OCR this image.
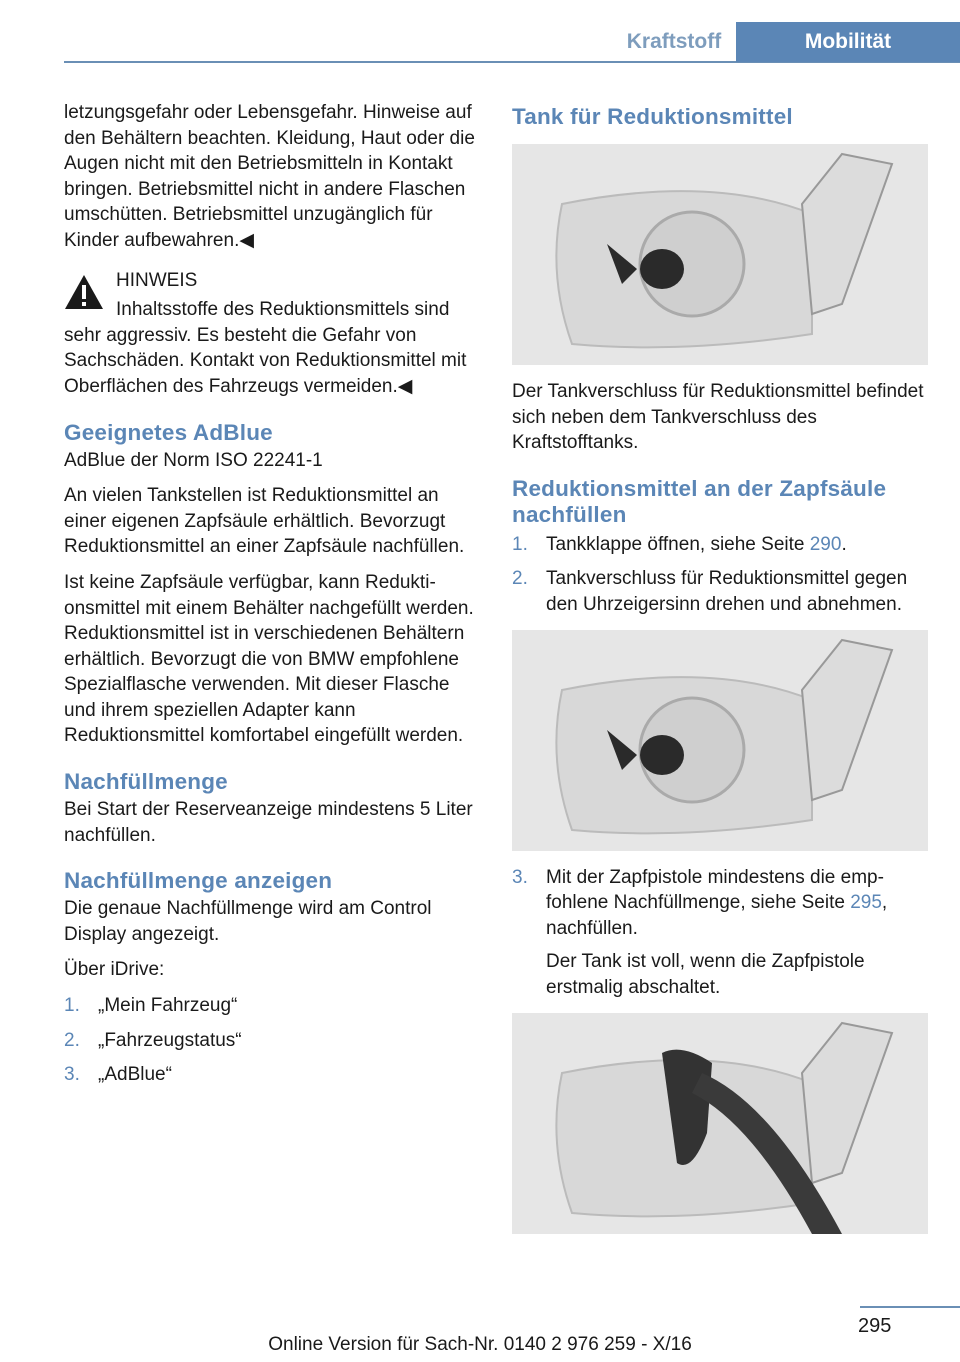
Kraftstoff	Mobilität

letzungsgefahr oder Lebensgefahr. Hinweise auf den Behältern beachten. Kleidung, Haut oder die Augen nicht mit den Betriebsmitteln in Kontakt bringen. Betriebsmittel nicht in andere Flaschen umschütten. Betriebsmittel unzugänglich für Kinder aufbewahren.◀

HINWEIS

Inhaltsstoffe des Reduktionsmittels sind sehr aggressiv. Es besteht die Gefahr von Sachschäden. Kontakt von Reduktionsmittel mit Oberflächen des Fahrzeugs vermeiden.◀

Geeignetes AdBlue

AdBlue der Norm ISO 22241-1

An vielen Tankstellen ist Reduktionsmittel an einer eigenen Zapfsäule erhältlich. Bevorzugt Reduktionsmittel an einer Zapfsäule nachfüllen.

Ist keine Zapfsäule verfügbar, kann Reduktionsmittel mit einem Behälter nachgefüllt werden. Reduktionsmittel ist in verschiedenen Behältern erhältlich. Bevorzugt die von BMW empfohlene Spezialflasche verwenden. Mit dieser Flasche und ihrem speziellen Adapter kann Reduktionsmittel komfortabel eingefüllt werden.

Nachfüllmenge

Bei Start der Reserveanzeige mindestens 5 Liter nachfüllen.

Nachfüllmenge anzeigen

Die genaue Nachfüllmenge wird am Control Display angezeigt.

Über iDrive:

1. „Mein Fahrzeug“
2. „Fahrzeugstatus“
3. „AdBlue“
Tank für Reduktionsmittel

Der Tankverschluss für Reduktionsmittel befindet sich neben dem Tankverschluss des Kraftstofftanks.

Reduktionsmittel an der Zapfsäule nachfüllen
1. Tankklappe öffnen, siehe Seite 290.
2. Tankverschluss für Reduktionsmittel gegen den Uhrzeigersinn drehen und abnehmen.
3. Mit der Zapfpistole mindestens die empfohlene Nachfüllmenge, siehe Seite 295, nachfüllen.
Der Tank ist voll, wenn die Zapfpistole erstmalig abschaltet.
295
Online Version für Sach-Nr. 0140 2 976 259 - X/16
